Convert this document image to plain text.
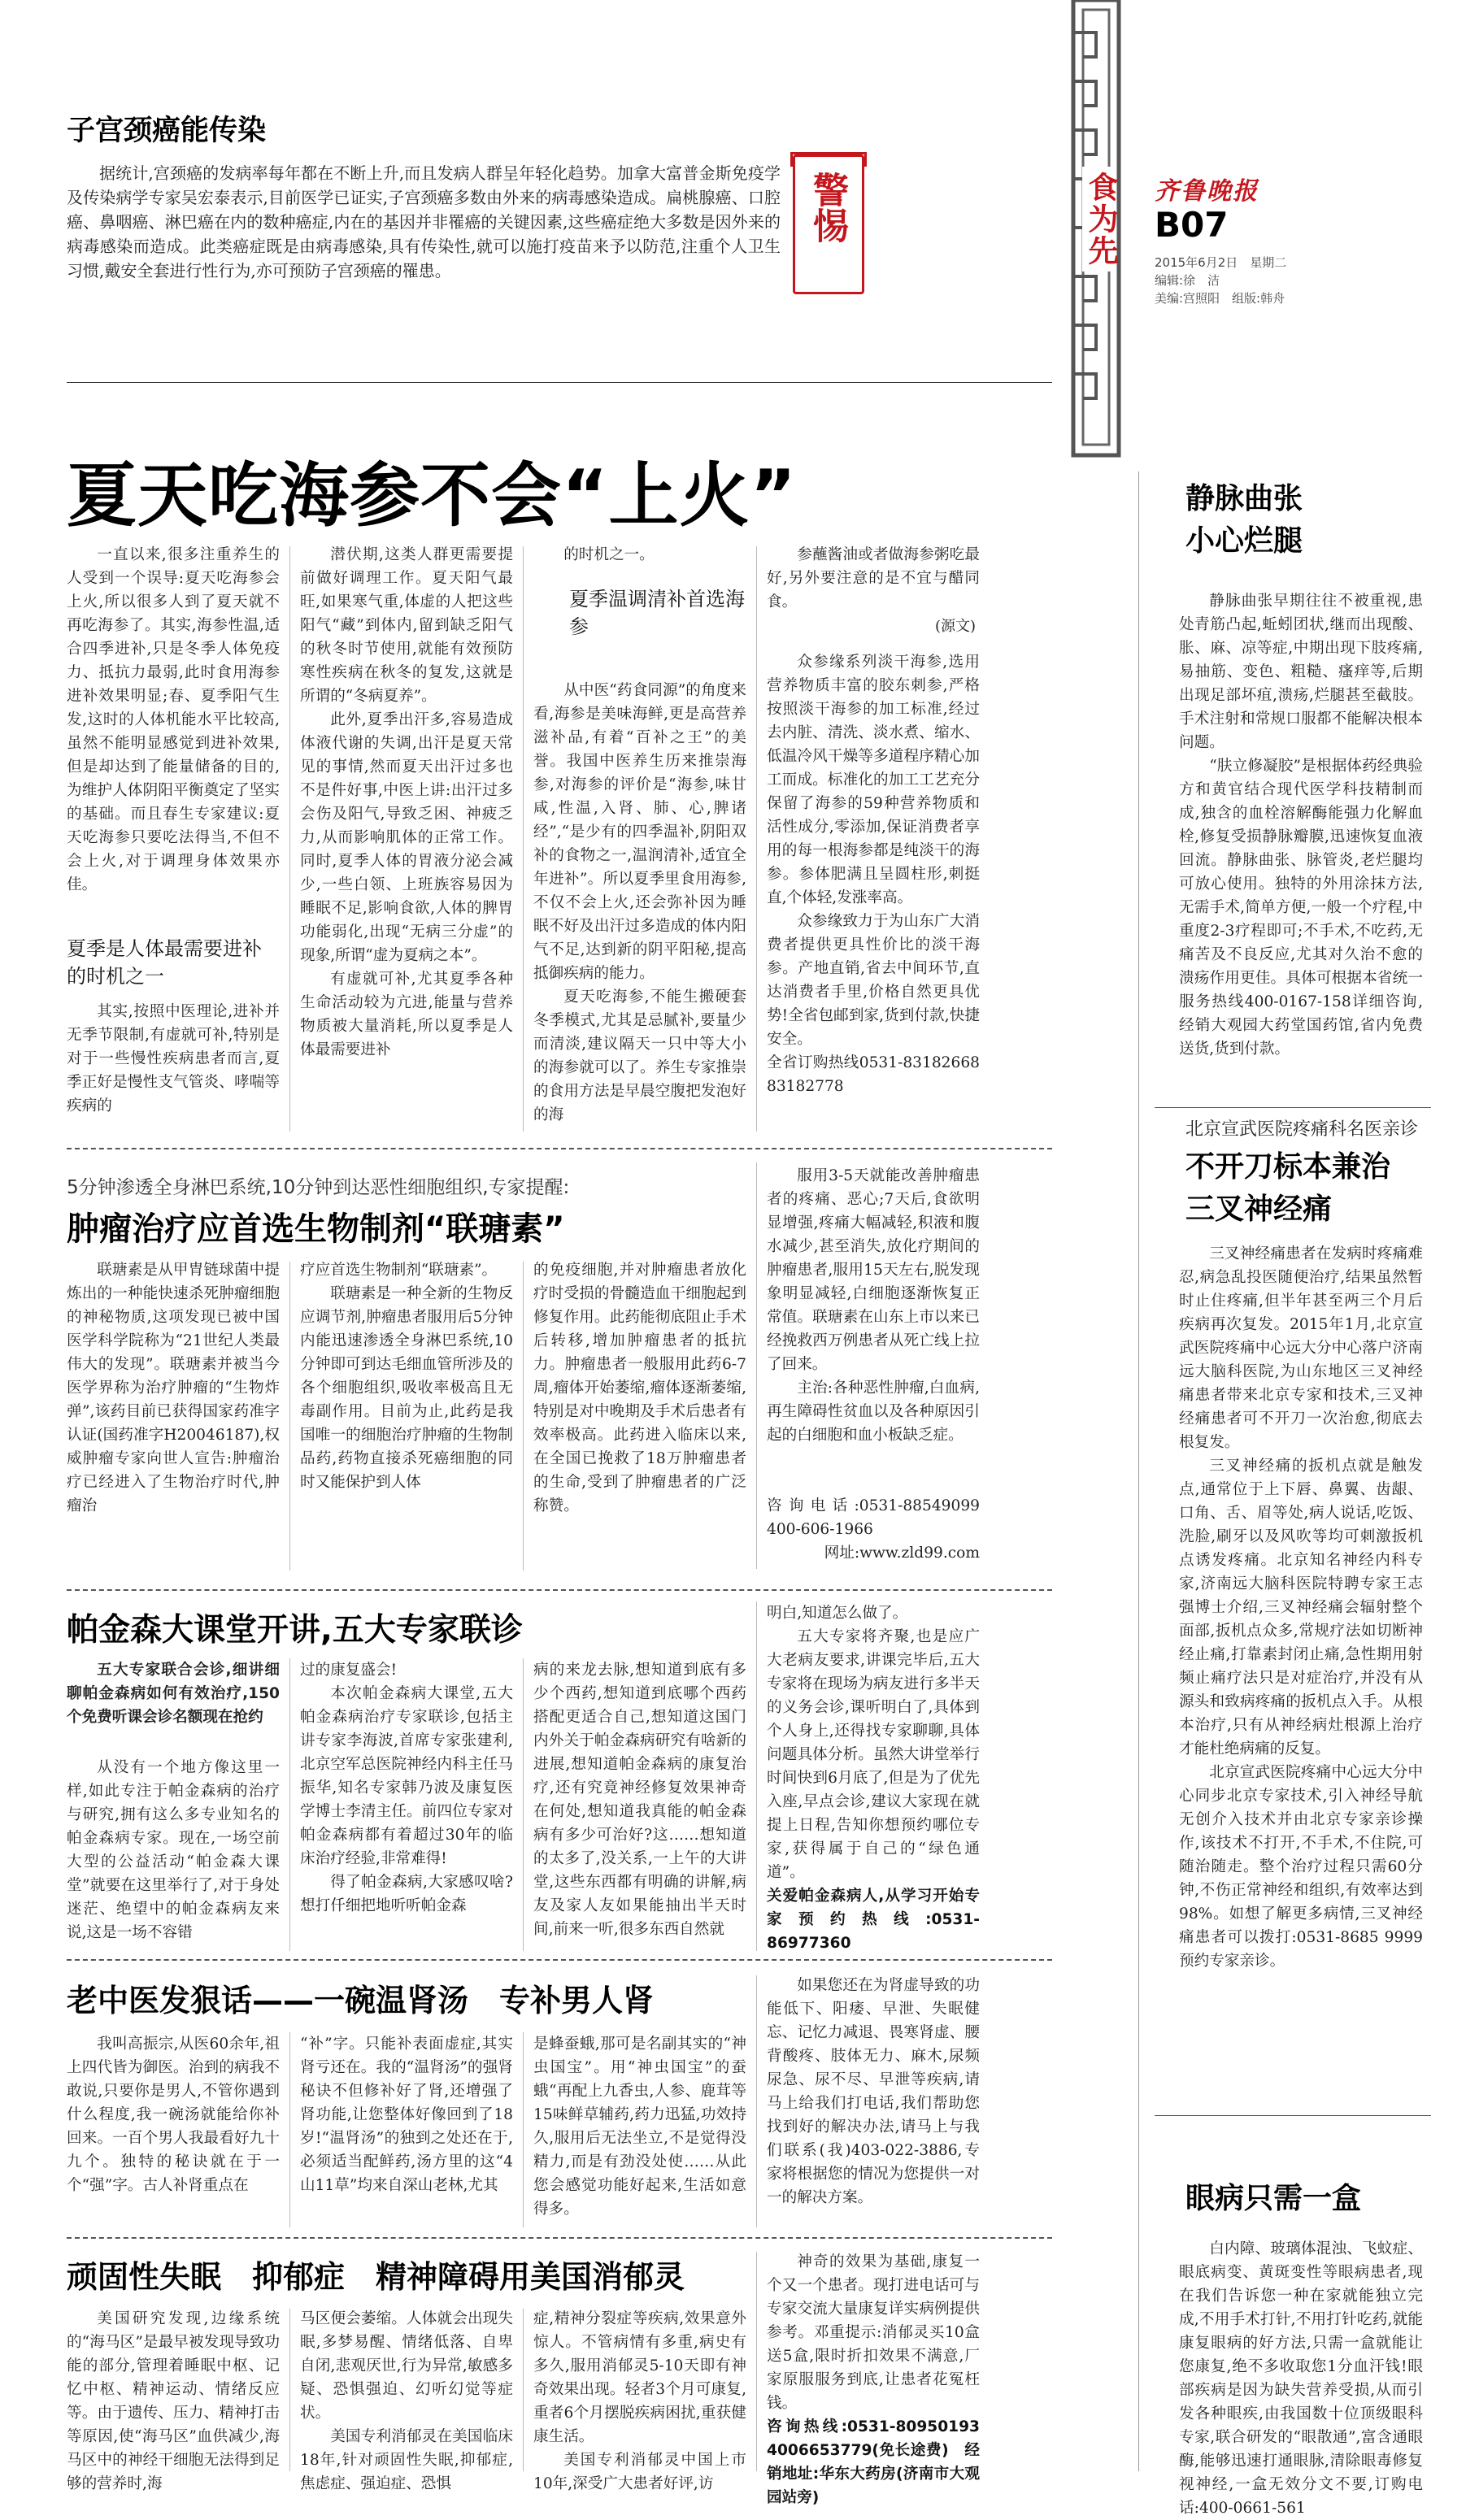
食为先 齐鲁晚报
B07
2015年6月2日　 星期二
编辑:徐　洁
美编:宫照阳　组版:韩舟
子宫颈癌能传染

据统计,宫颈癌的发病率每年都在不断上升,而且发病人群呈年轻化趋势。加拿大富普金斯免疫学及传染病学专家吴宏泰表示,目前医学已证实,子宫颈癌多数由外来的病毒感染造成。扁桃腺癌、口腔癌、鼻咽癌、淋巴癌在内的数种癌症,内在的基因并非罹癌的关键因素,这些癌症绝大多数是因外来的病毒感染而造成。此类癌症既是由病毒感染,具有传染性,就可以施打疫苗来予以防范,注重个人卫生习惯,戴安全套进行性行为,亦可预防子宫颈癌的罹患。

警惕
夏天吃海参不会“上火”

一直以来,很多注重养生的人受到一个误导:夏天吃海参会上火,所以很多人到了夏天就不再吃海参了。其实,海参性温,适合四季进补,只是冬季人体免疫力、抵抗力最弱,此时食用海参进补效果明显;春、夏季阳气生发,这时的人体机能水平比较高,虽然不能明显感觉到进补效果,但是却达到了能量储备的目的,为维护人体阴阳平衡奠定了坚实的基础。而且春生专家建议:夏天吃海参只要吃法得当,不但不会上火,对于调理身体效果亦佳。

夏季是人体最需要进补的时机之一

其实,按照中医理论,进补并无季节限制,有虚就可补,特别是对于一些慢性疾病患者而言,夏季正好是慢性支气管炎、哮喘等疾病的

潜伏期,这类人群更需要提前做好调理工作。夏天阳气最旺,如果寒气重,体虚的人把这些阳气“藏”到体内,留到缺乏阳气的秋冬时节使用,就能有效预防寒性疾病在秋冬的复发,这就是所谓的“冬病夏养”。

此外,夏季出汗多,容易造成体液代谢的失调,出汗是夏天常见的事情,然而夏天出汗过多也不是件好事,中医上讲:出汗过多会伤及阳气,导致乏困、神疲乏力,从而影响肌体的正常工作。同时,夏季人体的胃液分泌会减少,一些白领、上班族容易因为睡眠不足,影响食欲,人体的脾胃功能弱化,出现“无病三分虚”的现象,所谓“虚为夏病之本”。

有虚就可补,尤其夏季各种生命活动较为亢进,能量与营养物质被大量消耗,所以夏季是人体最需要进补

的时机之一。

夏季温调清补首选海参

从中医“药食同源”的角度来看,海参是美味海鲜,更是高营养滋补品,有着“百补之王”的美誉。我国中医养生历来推崇海参,对海参的评价是“海参,味甘咸,性温,入肾、肺、心,脾诸经”,“是少有的四季温补,阴阳双补的食物之一,温润清补,适宜全年进补”。所以夏季里食用海参,不仅不会上火,还会弥补因为睡眠不好及出汗过多造成的体内阳气不足,达到新的阴平阳秘,提高抵御疾病的能力。

夏天吃海参,不能生搬硬套冬季模式,尤其是忌腻补,要量少而清淡,建议隔天一只中等大小的海参就可以了。养生专家推崇的食用方法是早晨空腹把发泡好的海

参蘸酱油或者做海参粥吃最好,另外要注意的是不宜与醋同食。

(源文)

众参缘系列淡干海参,选用营养物质丰富的胶东刺参,严格按照淡干海参的加工标准,经过去内脏、清洗、淡水煮、缩水、低温冷风干燥等多道程序精心加工而成。标准化的加工工艺充分保留了海参的59种营养物质和活性成分,零添加,保证消费者享用的每一根海参都是纯淡干的海参。参体肥满且呈圆柱形,刺挺直,个体轻,发涨率高。

众参缘致力于为山东广大消费者提供更具性价比的淡干海参。产地直销,省去中间环节,直达消费者手里,价格自然更具优势!全省包邮到家,货到付款,快捷安全。

全省订购热线0531-83182668 83182778
5分钟渗透全身淋巴系统,10分钟到达恶性细胞组织,专家提醒:
肿瘤治疗应首选生物制剂“联瑭素”

联瑭素是从甲胄链球菌中提炼出的一种能快速杀死肿瘤细胞的神秘物质,这项发现已被中国医学科学院称为“21世纪人类最伟大的发现”。联瑭素并被当今医学界称为治疗肿瘤的“生物炸弹”,该药目前已获得国家药准字认证(国药准字H20046187),权威肿瘤专家向世人宣告:肿瘤治疗已经进入了生物治疗时代,肿瘤治

疗应首选生物制剂“联瑭素”。

联瑭素是一种全新的生物反应调节剂,肿瘤患者服用后5分钟内能迅速渗透全身淋巴系统,10分钟即可到达毛细血管所涉及的各个细胞组织,吸收率极高且无毒副作用。目前为止,此药是我国唯一的细胞治疗肿瘤的生物制品药,药物直接杀死癌细胞的同时又能保护到人体

的免疫细胞,并对肿瘤患者放化疗时受损的骨髓造血干细胞起到修复作用。此药能彻底阻止手术后转移,增加肿瘤患者的抵抗力。肿瘤患者一般服用此药6-7周,瘤体开始萎缩,瘤体逐渐萎缩,特别是对中晚期及手术后患者有效率极高。此药进入临床以来,在全国已挽救了18万肿瘤患者的生命,受到了肿瘤患者的广泛称赞。

服用3-5天就能改善肿瘤患者的疼痛、恶心;7天后,食欲明显增强,疼痛大幅减轻,积液和腹水减少,甚至消失,放化疗期间的肿瘤患者,服用15天左右,脱发现象明显减轻,白细胞逐渐恢复正常值。联瑭素在山东上市以来已经挽救西万例患者从死亡线上拉了回来。

主治:各种恶性肿瘤,白血病,再生障碍性贫血以及各种原因引起的白细胞和血小板缺乏症。

咨询电话:0531-88549099 400-606-1966
网址:www.zld99.com
帕金森大课堂开讲,五大专家联诊

五大专家联合会诊,细讲细聊帕金森病如何有效治疗,150个免费听课会诊名额现在抢约

从没有一个地方像这里一样,如此专注于帕金森病的治疗与研究,拥有这么多专业知名的帕金森病专家。现在,一场空前大型的公益活动“帕金森大课堂”就要在这里举行了,对于身处迷茫、绝望中的帕金森病友来说,这是一场不容错

过的康复盛会!

本次帕金森病大课堂,五大帕金森病治疗专家联诊,包括主讲专家李海波,首席专家张建利,北京空军总医院神经内科主任马振华,知名专家韩乃波及康复医学博士李清主任。前四位专家对帕金森病都有着超过30年的临床治疗经验,非常难得!

得了帕金森病,大家感叹啥?想打仟细把地听听帕金森

病的来龙去脉,想知道到底有多少个西药,想知道到底哪个西药搭配更适合自己,想知道这国门内外关于帕金森病研究有啥新的进展,想知道帕金森病的康复治疗,还有究竟神经修复效果神奇在何处,想知道我真能的帕金森病有多少可治好?这……想知道的太多了,没关系,一上午的大讲堂,这些东西都有明确的讲解,病友及家人友如果能抽出半天时间,前来一听,很多东西自然就
明白,知道怎么做了。

五大专家将齐聚,也是应广大老病友要求,讲课完毕后,五大专家将在现场为病友进行多半天的义务会诊,课听明白了,具体到个人身上,还得找专家聊聊,具体问题具体分析。虽然大讲堂举行时间快到6月底了,但是为了优先入座,早点会诊,建议大家现在就提上日程,告知你想预约哪位专家,获得属于自己的“绿色通道”。

关爱帕金森病人,从学习开始专家预约热线:0531-86977360
老中医发狠话——一碗温肾汤　专补男人肾

我叫高振宗,从医60余年,祖上四代皆为御医。治到的病我不敢说,只要你是男人,不管你遇到什么程度,我一碗汤就能给你补回来。一百个男人我最看好九十九个。独特的秘诀就在于一个“强”字。古人补肾重点在

“补”字。只能补表面虚症,其实肾亏还在。我的“温肾汤”的强肾秘诀不但修补好了肾,还增强了肾功能,让您整体好像回到了18岁!“温肾汤”的独到之处还在于,必须适当配鲜药,汤方里的这“4山11草”均来自深山老林,尤其
是蜂蚕蛾,那可是名副其实的“神虫国宝”。用“神虫国宝”的蚕蛾“再配上九香虫,人参、鹿茸等15味鲜草辅药,药力迅猛,功效持久,服用后无法坐立,不是觉得没精力,而是有劲没处使……从此您会感觉功能好起来,生活如意得多。

如果您还在为肾虚导致的功能低下、阳痿、早泄、失眠健忘、记忆力减退、畏寒肾虚、腰背酸疼、肢体无力、麻木,尿频尿急、尿不尽、早泄等疾病,请马上给我们打电话,我们帮助您找到好的解决办法,请马上与我们联系(我)403-022-3886,专家将根据您的情况为您提供一对一的解决方案。

顽固性失眠　抑郁症　精神障碍用美国消郁灵

美国研究发现,边缘系统的“海马区”是最早被发现导致功能的部分,管理着睡眠中枢、记忆中枢、精神运动、情绪反应等。由于遗传、压力、精神打击等原因,使“海马区”血供减少,海马区中的神经干细胞无法得到足够的营养时,海

马区便会萎缩。人体就会出现失眠,多梦易醒、情绪低落、自卑自闭,悲观厌世,行为异常,敏感多疑、恐惧强迫、幻听幻觉等症状。

美国专利消郁灵在美国临床18年,针对顽固性失眠,抑郁症,焦虑症、强迫症、恐惧

症,精神分裂症等疾病,效果意外惊人。不管病情有多重,病史有多久,服用消郁灵5-10天即有神奇效果出现。轻者3个月可康复,重者6个月摆脱疾病困扰,重获健康生活。

美国专利消郁灵中国上市10年,深受广大患者好评,访

神奇的效果为基础,康复一个又一个患者。现打进电话可与专家交流大量康复详实病例提供参考。邓重提示:消郁灵买10盒送5盒,限时折扣效果不满意,厂家原服服务到底,让患者花冤枉钱。

咨询热线:0531-80950193　4006653779(免长途费)　经销地址:华东大药房(济南市大观园站旁)
静脉曲张
小心烂腿

静脉曲张早期往往不被重视,患处青筋凸起,蚯蚓团状,继而出现酸、胀、麻、凉等症,中期出现下肢疼痛,易抽筋、变色、粗糙、瘙痒等,后期出现足部坏疽,溃疡,烂腿甚至截肢。手术注射和常规口服都不能解决根本问题。

“肤立修凝胶”是根据体药经典验方和黄官结合现代医学科技精制而成,独含的血栓溶解酶能强力化解血栓,修复受损静脉瓣膜,迅速恢复血液回流。静脉曲张、脉管炎,老烂腿均可放心使用。独特的外用涂抹方法,无需手术,简单方便,一般一个疗程,中重度2-3疗程即可;不手术,不吃药,无痛苦及不良反应,尤其对久治不愈的溃疡作用更佳。具体可根据本省统一服务热线400-0167-158详细咨询,经销大观园大药堂国药馆,省内免费送货,货到付款。

北京宣武医院疼痛科名医亲诊
不开刀标本兼治
三叉神经痛

三叉神经痛患者在发病时疼痛难忍,病急乱投医随便治疗,结果虽然暂时止住疼痛,但半年甚至两三个月后疾病再次复发。2015年1月,北京宣武医院疼痛中心远大分中心落户济南远大脑科医院,为山东地区三叉神经痛患者带来北京专家和技术,三叉神经痛患者可不开刀一次治愈,彻底去根复发。

三叉神经痛的扳机点就是触发点,通常位于上下唇、鼻翼、齿龈、口角、舌、眉等处,病人说话,吃饭、洗脸,刷牙以及风吹等均可刺激扳机点诱发疼痛。北京知名神经内科专家,济南远大脑科医院特聘专家王志强博士介绍,三叉神经痛会辐射整个面部,扳机点众多,常规疗法如切断神经止痛,打靠素封闭止痛,急性期用射频止痛疗法只是对症治疗,并没有从源头和致病疼痛的扳机点入手。从根本治疗,只有从神经病灶根源上治疗才能杜绝病痛的反复。

北京宣武医院疼痛中心远大分中心同步北京专家技术,引入神经导航无创介入技术并由北京专家亲诊操作,该技术不打开,不手术,不住院,可随治随走。整个治疗过程只需60分钟,不伤正常神经和组织,有效率达到98%。如想了解更多病情,三叉神经痛患者可以拨打:0531-8685 9999预约专家亲诊。

眼病只需一盒

白内障、玻璃体混浊、飞蚊症、眼底病变、黄斑变性等眼病患者,现在我们告诉您一种在家就能独立完成,不用手术打针,不用打针吃药,就能康复眼病的好方法,只需一盒就能让您康复,绝不多收取您1分血汗钱!眼部疾病是因为缺失营养受损,从而引发各种眼疾,由我国数十位顶级眼科专家,联合研发的“眼散通”,富含通眼酶,能够迅速打通眼脉,清除眼毒修复视神经,一盒无效分文不要,订购电话:400-0661-561
